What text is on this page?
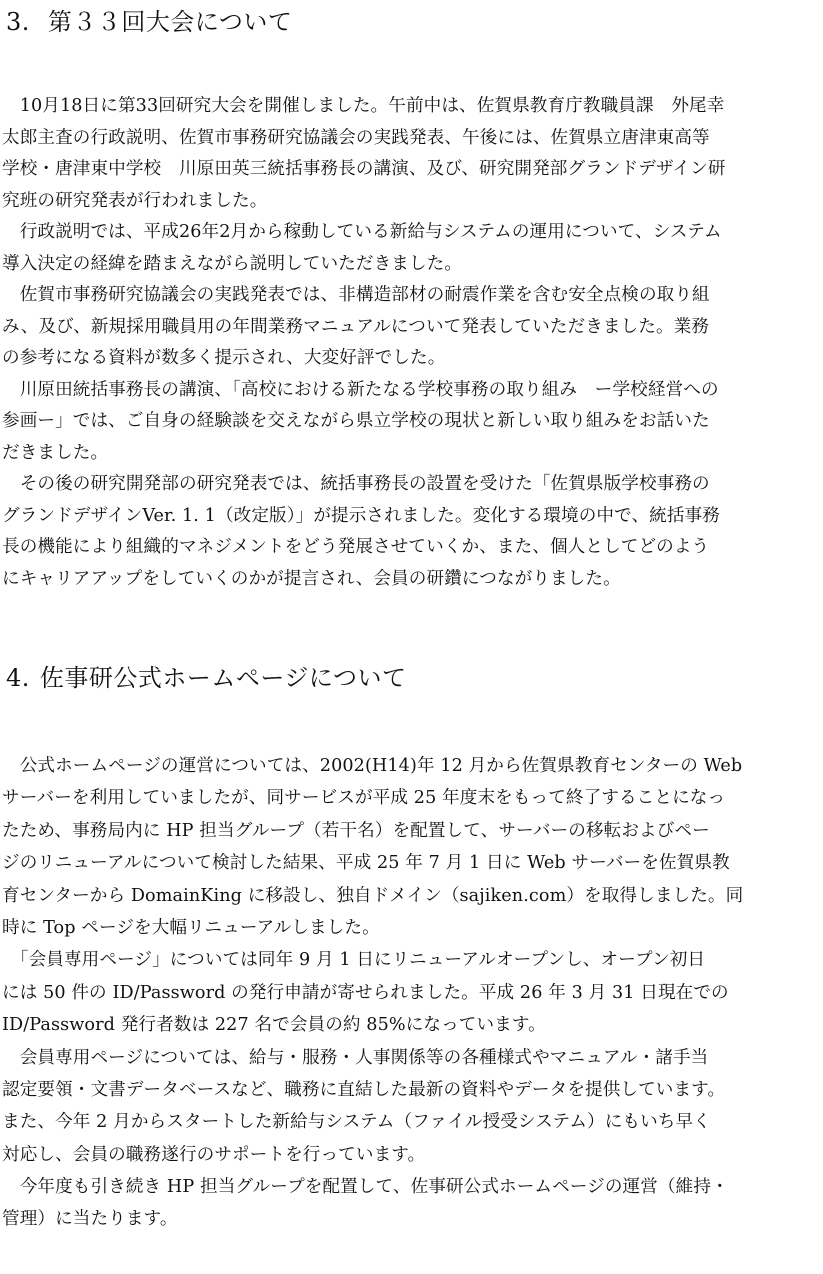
3. 第３３回大会について
　10月18日に第33回研究大会を開催しました。午前中は、佐賀県教育庁教職員課　外尾幸
太郎主査の行政説明、佐賀市事務研究協議会の実践発表、午後には、佐賀県立唐津東高等
学校・唐津東中学校　川原田英三統括事務長の講演、及び、研究開発部グランドデザイン研
究班の研究発表が行われました。
　行政説明では、平成26年2月から稼動している新給与システムの運用について、システム
導入決定の経緯を踏まえながら説明していただきました。
　佐賀市事務研究協議会の実践発表では、非構造部材の耐震作業を含む安全点検の取り組
み、及び、新規採用職員用の年間業務マニュアルについて発表していただきました。業務
の参考になる資料が数多く提示され、大変好評でした。
　川原田統括事務長の講演、「高校における新たなる学校事務の取り組み　ー学校経営への
参画ー」では、ご自身の経験談を交えながら県立学校の現状と新しい取り組みをお話いた
だきました。
　その後の研究開発部の研究発表では、統括事務長の設置を受けた「佐賀県版学校事務の
グランドデザインVer. 1. 1（改定版）」が提示されました。変化する環境の中で、統括事務
長の機能により組織的マネジメントをどう発展させていくか、また、個人としてどのよう
にキャリアアップをしていくのかが提言され、会員の研鑽につながりました。
4. 佐事研公式ホームページについて
　公式ホームページの運営については、2002(H14)年 12 月から佐賀県教育センターの Web
サーバーを利用していましたが、同サービスが平成 25 年度末をもって終了することになっ
たため、事務局内に HP 担当グループ（若干名）を配置して、サーバーの移転およびペー
ジのリニューアルについて検討した結果、平成 25 年 7 月 1 日に Web サーバーを佐賀県教
育センターから DomainKing に移設し、独自ドメイン（sajiken.com）を取得しました。同
時に Top ページを大幅リニューアルしました。
　「会員専用ページ」については同年 9 月 1 日にリニューアルオープンし、オープン初日
には 50 件の ID/Password の発行申請が寄せられました。平成 26 年 3 月 31 日現在での
ID/Password 発行者数は 227 名で会員の約 85%になっています。
　会員専用ページについては、給与・服務・人事関係等の各種様式やマニュアル・諸手当
認定要領・文書データベースなど、職務に直結した最新の資料やデータを提供しています。
また、今年 2 月からスタートした新給与システム（ファイル授受システム）にもいち早く
対応し、会員の職務遂行のサポートを行っています。
　今年度も引き続き HP 担当グループを配置して、佐事研公式ホームページの運営（維持・
管理）に当たります。
